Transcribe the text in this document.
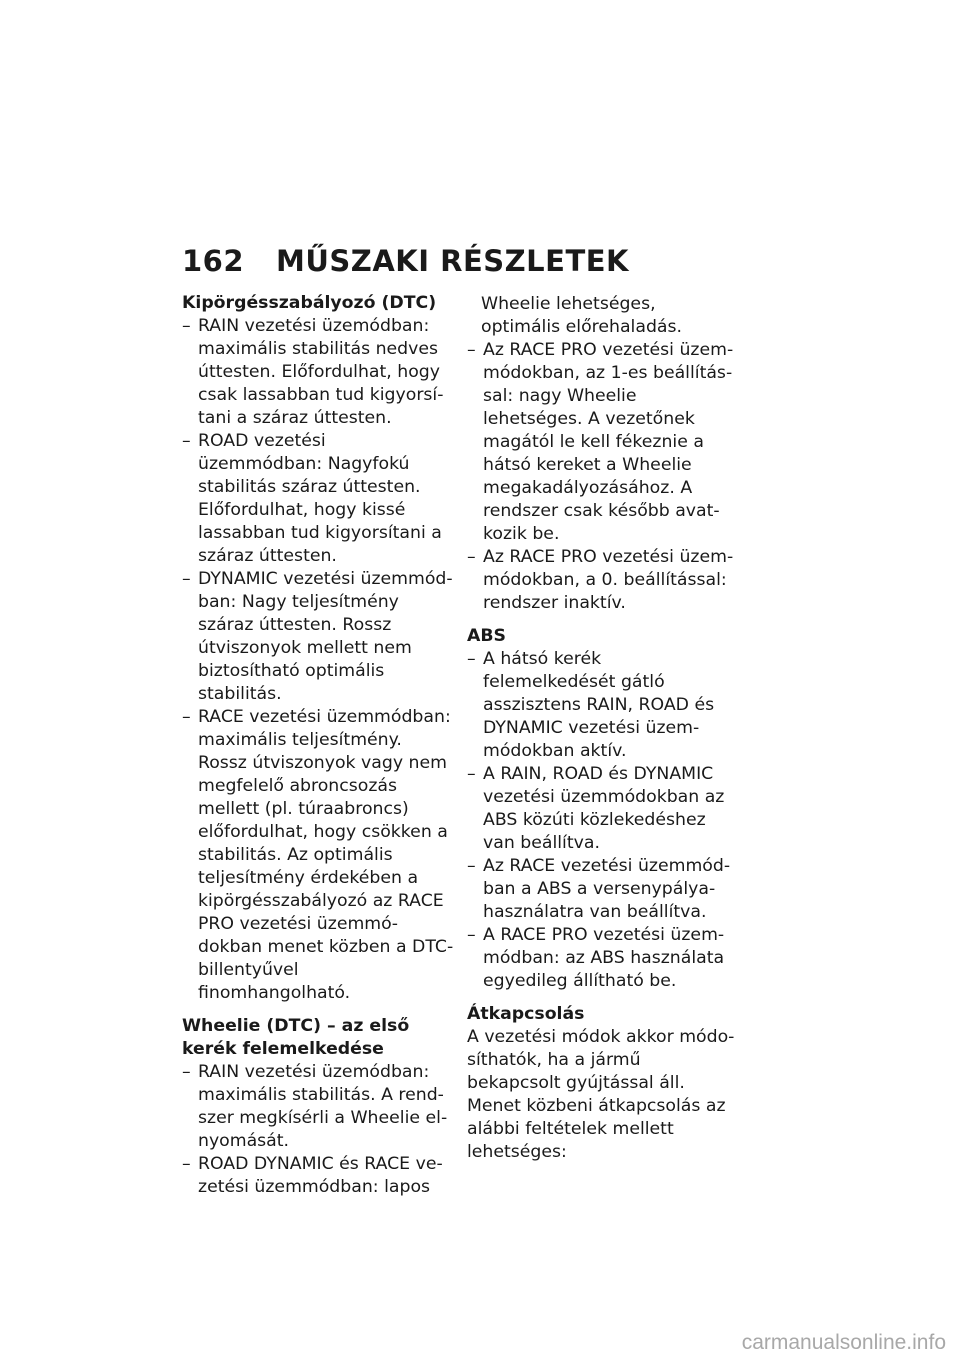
162 MŰSZAKI RÉSZLETEK

Kipörgésszabályozó (DTC)

– RAIN vezetési üzemódban: maximális stabilitás nedves úttesten. Előfordulhat, hogy csak lassabban tud kigyorsítani a száraz úttesten.

– ROAD vezetési üzemmódban: Nagyfokú stabilitás száraz úttesten. Előfordulhat, hogy kissé lassabban tud kigyorsítani a száraz úttesten.

– DYNAMIC vezetési üzemmódban: Nagy teljesítmény száraz úttesten. Rossz útviszonyok mellett nem biztosítható optimális stabilitás.

– RACE vezetési üzemmódban: maximális teljesítmény. Rossz útviszonyok vagy nem megfelelő abroncsozás mellett (pl. túraabroncs) előfordulhat, hogy csökken a stabilitás. Az optimális teljesítmény érdekében a kipörgésszabályozó az RACE PRO vezetési üzemmódokban menet közben a DTC-billentyűvel finomhangolható.

Wheelie (DTC) – az első kerék felemelkedése

– RAIN vezetési üzemódban: maximális stabilitás. A rendszer megkísérli a Wheelie elnyomását.

– ROAD DYNAMIC és RACE vezetési üzemmódban: lapos

Wheelie lehetséges, optimális előrehaladás.

– Az RACE PRO vezetési üzemmódokban, az 1-es beállítással: nagy Wheelie lehetséges. A vezetőnek magától le kell fékeznie a hátsó kereket a Wheelie megakadályozásához. A rendszer csak később avatkozik be.

– Az RACE PRO vezetési üzemmódokban, a 0. beállítással: rendszer inaktív.

ABS

– A hátsó kerék felemelkedését gátló asszisztens RAIN, ROAD és DYNAMIC vezetési üzemmódokban aktív.

– A RAIN, ROAD és DYNAMIC vezetési üzemmódokban az ABS közúti közlekedéshez van beállítva.

– Az RACE vezetési üzemmódban a ABS a versenypályahasználatra van beállítva.

– A RACE PRO vezetési üzemmódban: az ABS használata egyedileg állítható be.

Átkapcsolás

A vezetési módok akkor módosíthatók, ha a jármű bekapcsolt gyújtással áll. Menet közbeni átkapcsolás az alábbi feltételek mellett lehetséges:

carmanualsonline.info
